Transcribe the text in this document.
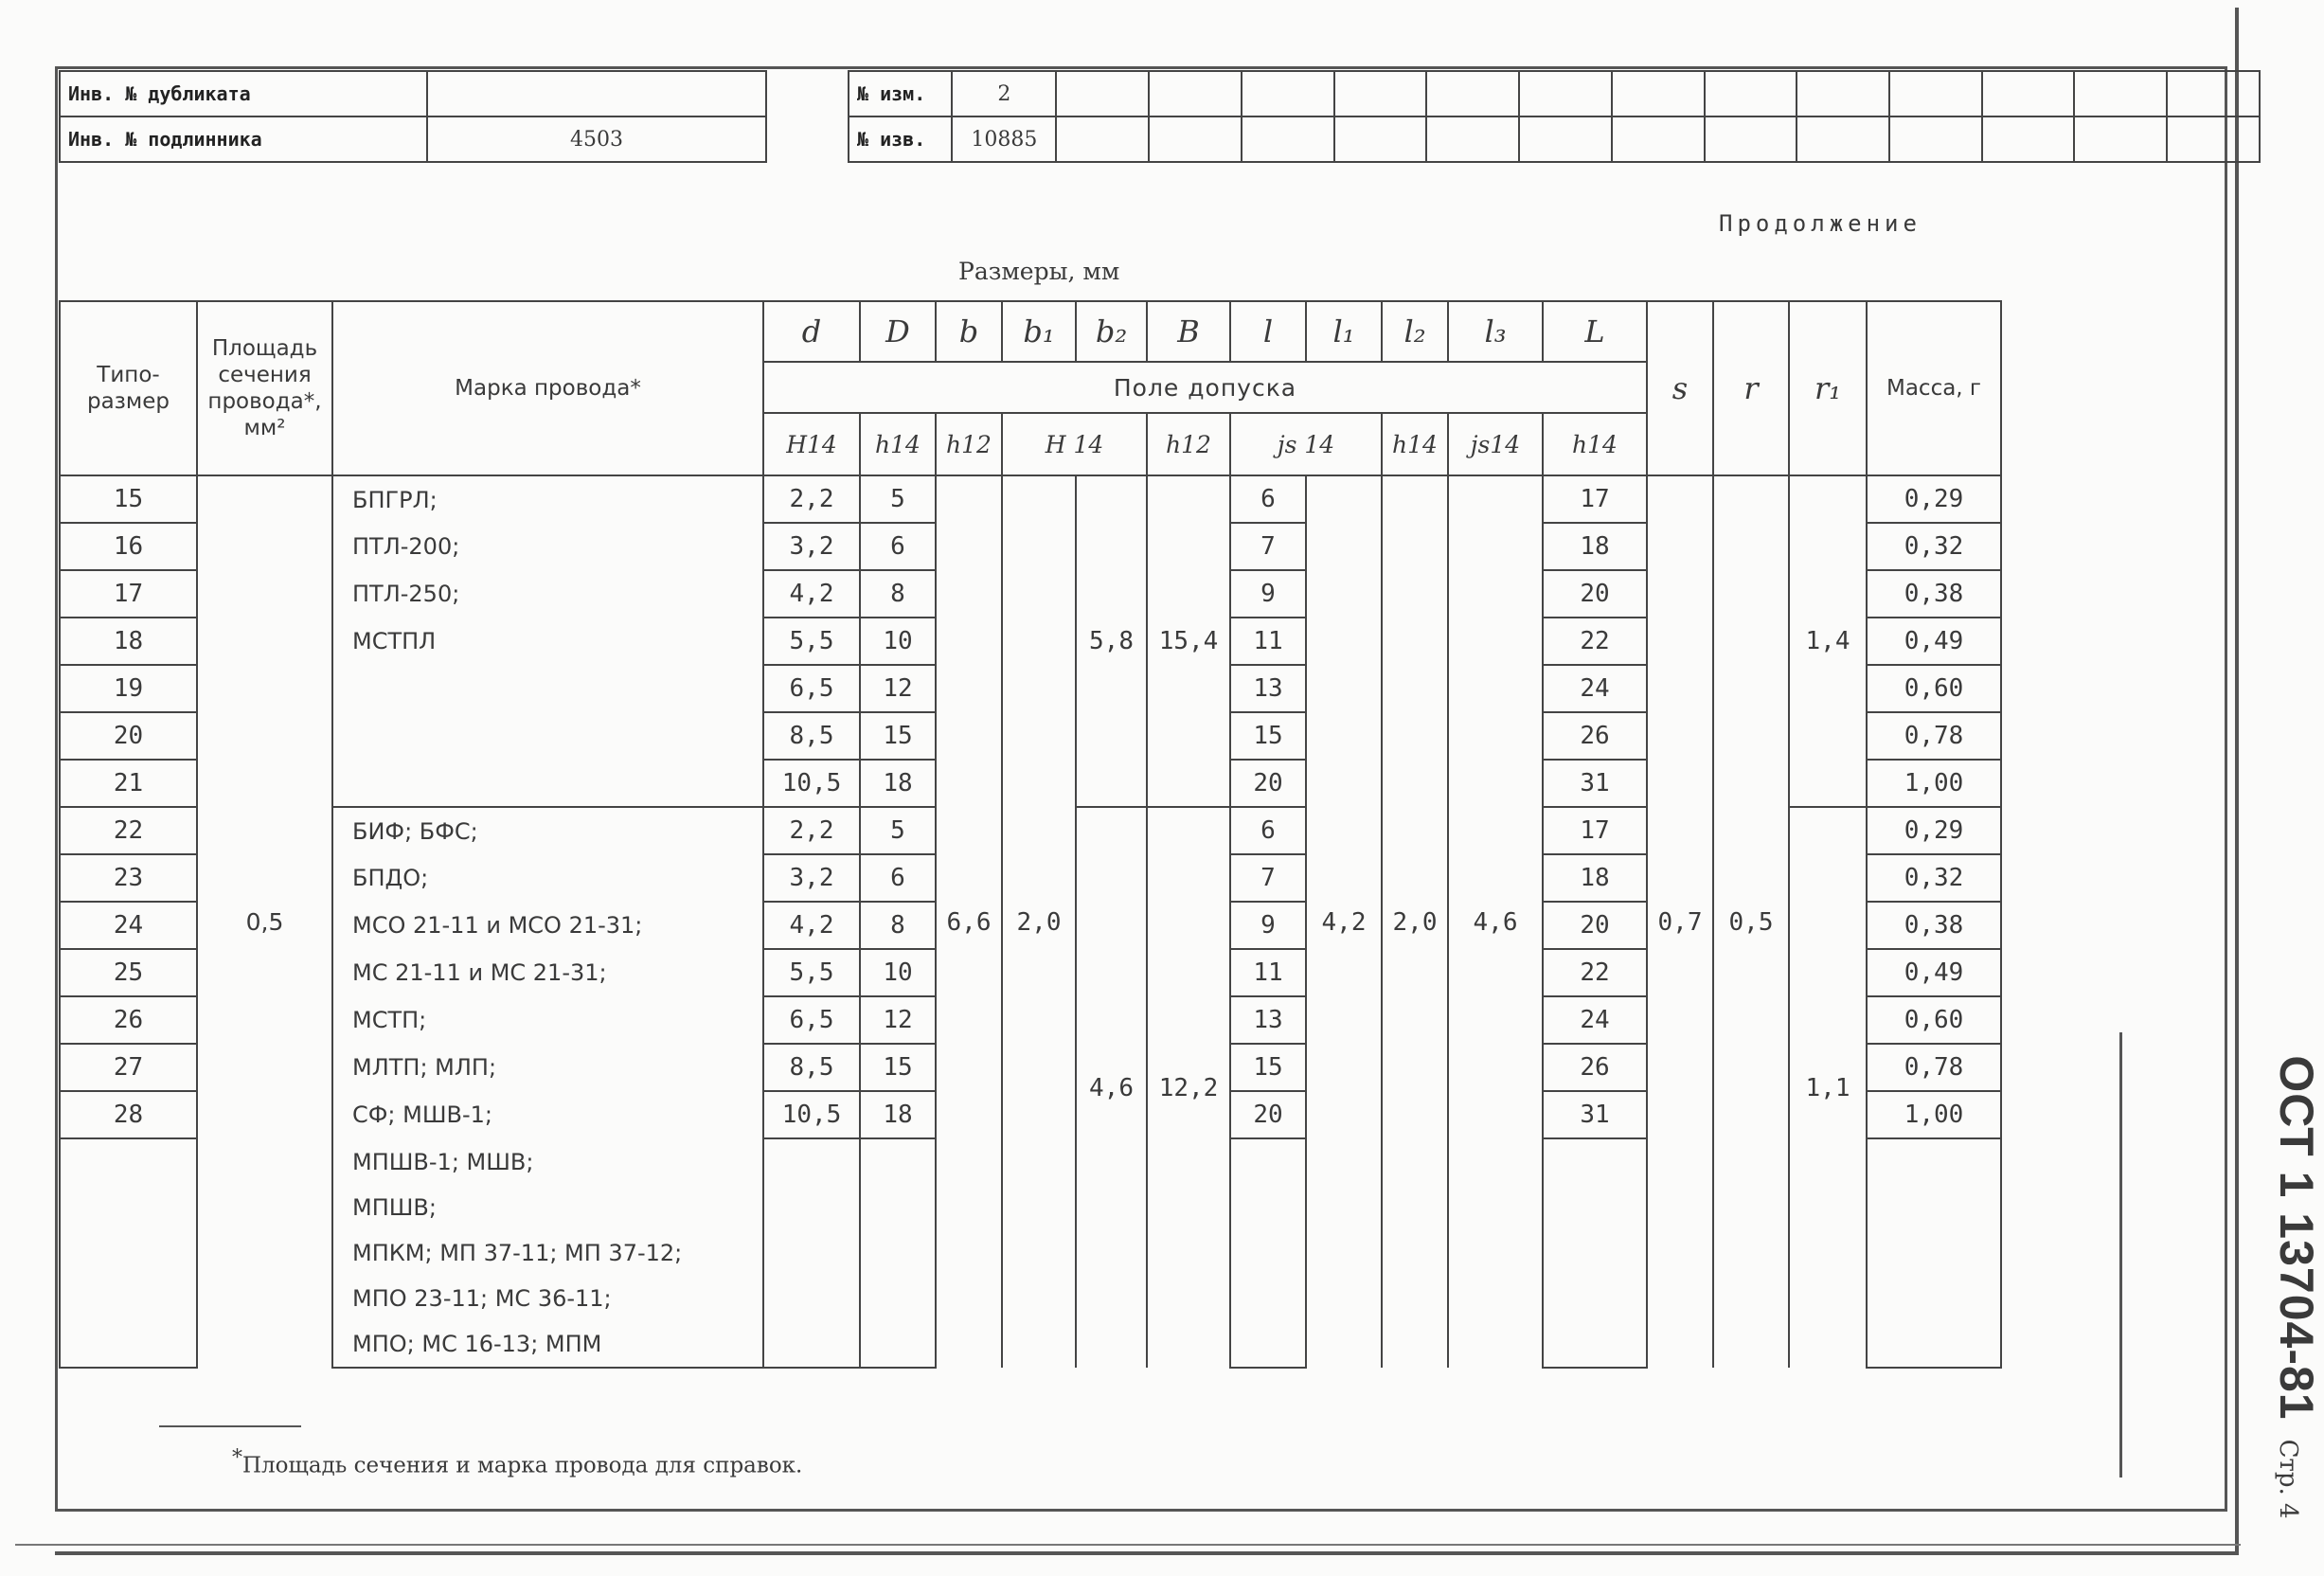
Инв. № дубликата	
Инв. № подлинника	4503
№ изм.	2													
№ изв.	10885													
Продолжение
Размеры, мм
Типо-размер	Площадь сечения провода*, мм²	Марка провода*	d	D	b	b₁	b₂	B	l	l₁	l₂	l₃	L	s	r	r₁	Масса, г
			Поле допуска														
			H14	h14	h12	H 14		h12	js 14		h14	js14	h14				
15	0,5	БПГРЛ;	2,2	5	6,6	2,0	5,8	15,4	6	4,2	2,0	4,6	17	0,7	0,5	1,4	0,29
16		ПТЛ-200;	3,2	6					7				18				0,32
17		ПТЛ-250;	4,2	8					9				20				0,38
18		МСТПЛ	5,5	10					11				22				0,49
19			6,5	12					13				24				0,60
20			8,5	15					15				26				0,78
21			10,5	18					20				31				1,00
22		БИФ; БФС;	2,2	5			4,6	12,2	6				17			1,1	0,29
23		БПДО;	3,2	6					7				18				0,32
24		МСО 21-11 и МСО 21-31;	4,2	8					9				20				0,38
25		МС 21-11 и МС 21-31;	5,5	10					11				22				0,49
26		МСТП;	6,5	12					13				24				0,60
27		МЛТП; МЛП;	8,5	15					15				26				0,78
28		СФ; МШВ-1;	10,5	18					20				31				1,00
		МПШВ-1; МШВ;															
		МПШВ;															
		МПКМ; МП 37-11; МП 37-12;															
		МПО 23-11; МС 36-11;															
		МПО; МС 16-13; МПМ															
*Площадь сечения и марка провода для справок.
ОСТ 1 13704-81Стр. 4
